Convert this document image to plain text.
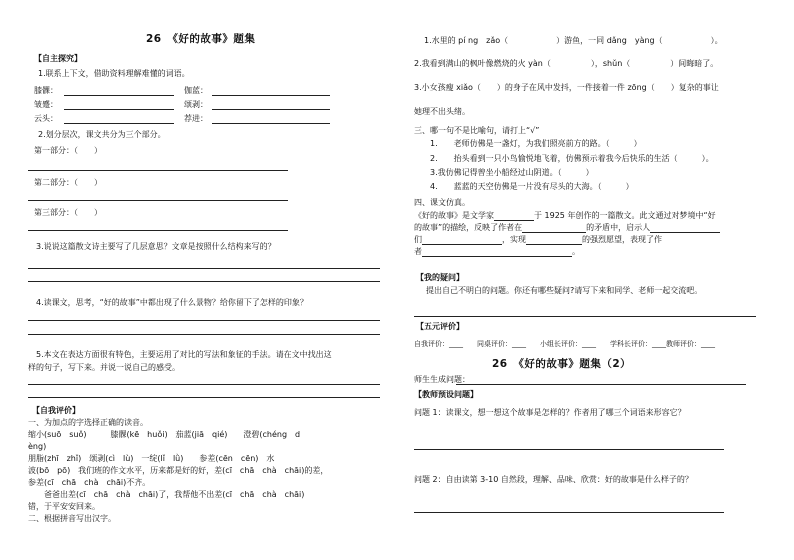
26　《好的故事》题集
【自主探究】
1.联系上下文，借助资料理解难懂的词语。
膝髁：	伽蓝：
皱蹙：	颂剥：
云头：	荐进：
2.划分层次，课文共分为三个部分。
第一部分：（　　）
第二部分：（　　）
第三部分：（　　）
3.说说这篇散文诗主要写了几层意思？文章是按照什么结构来写的？
4.读课文，思考，“好的故事”中都出现了什么景物？给你留下了怎样的印象？
5.本文在表达方面很有特色，主要运用了对比的写法和象征的手法。请在文中找出这
样的句子，写下来。并说一说自己的感受。
【自我评价】
一、为加点的字选择正确的读音。
缩小(suō　suǒ)　　　膝髁(kē　huǒi)　茄蓝(jiā　qié)　　澄碧(chéng　d
èng)
朋脂(zhī　zhǐ)　颂剥(cì　lù)　一绽(lǐ　lǜ)　　参差(cēn　cēn)　水
波(bō　pō)　我们班的作文水平，历来都是好的好，差(cī　chā　chà　chāi)的差，
参差(cī　chā　chà　chāi)不齐。
　　爸爸出差(cī　chā　chà　chāi)了，我帮他不出差(cī　chā　chà　chāi)
错，于平安安回来。
二、根据拼音写出汉字。
1.水里的 pí ng　zǎo（　　　　　　）游鱼，一同 dǎng　yàng（　　　　　　）。
2.我看到满山的枫叶像燃烧的火 yàn（　　　　　），shǔn（　　　　　）间晦暗了。
3.小女孩瘦 xiǎo（　　）的身子在风中发抖，一件接着一件 zōng（　　）复杂的事让
她理不出头绪。
三、哪一句不是比喻句，请打上“√”
1.　　老师仿佛是一盏灯，为我们照亮前方的路。（　　　）
2.　　抬头看到一只小鸟愉悦地飞着，仿佛预示着我今后快乐的生活（　　　）。
3.我仿佛记得曾坐小船经过山阴道。（　　　）
4.　　蓝蓝的天空仿佛是一片没有尽头的大海。（　　　）
四、课文仿真。
《好的故事》是文学家	于 1925 年创作的一篇散文。此文通过对梦境中“好
的故事”的描绘，反映了作者在	的矛盾中，启示人
们	，实现	的强烈愿望，表现了作
者	。
【我的疑问】
提出自己不明白的问题。你还有哪些疑问?请写下来和同学、老师一起交流吧。
【五元评价】
自我评价：____　　同桌评价：____　　小组长评价：____　　学科长评价：____教师评价：____
26　《好的故事》题集（2）
师生生成问题：
【教师预设问题】
问题 1：读课文，想一想这个故事是怎样的？作者用了哪三个词语来形容它？
问题 2：自由读第 3-10 自然段，理解、品味、欣赏：好的故事是什么样子的？
